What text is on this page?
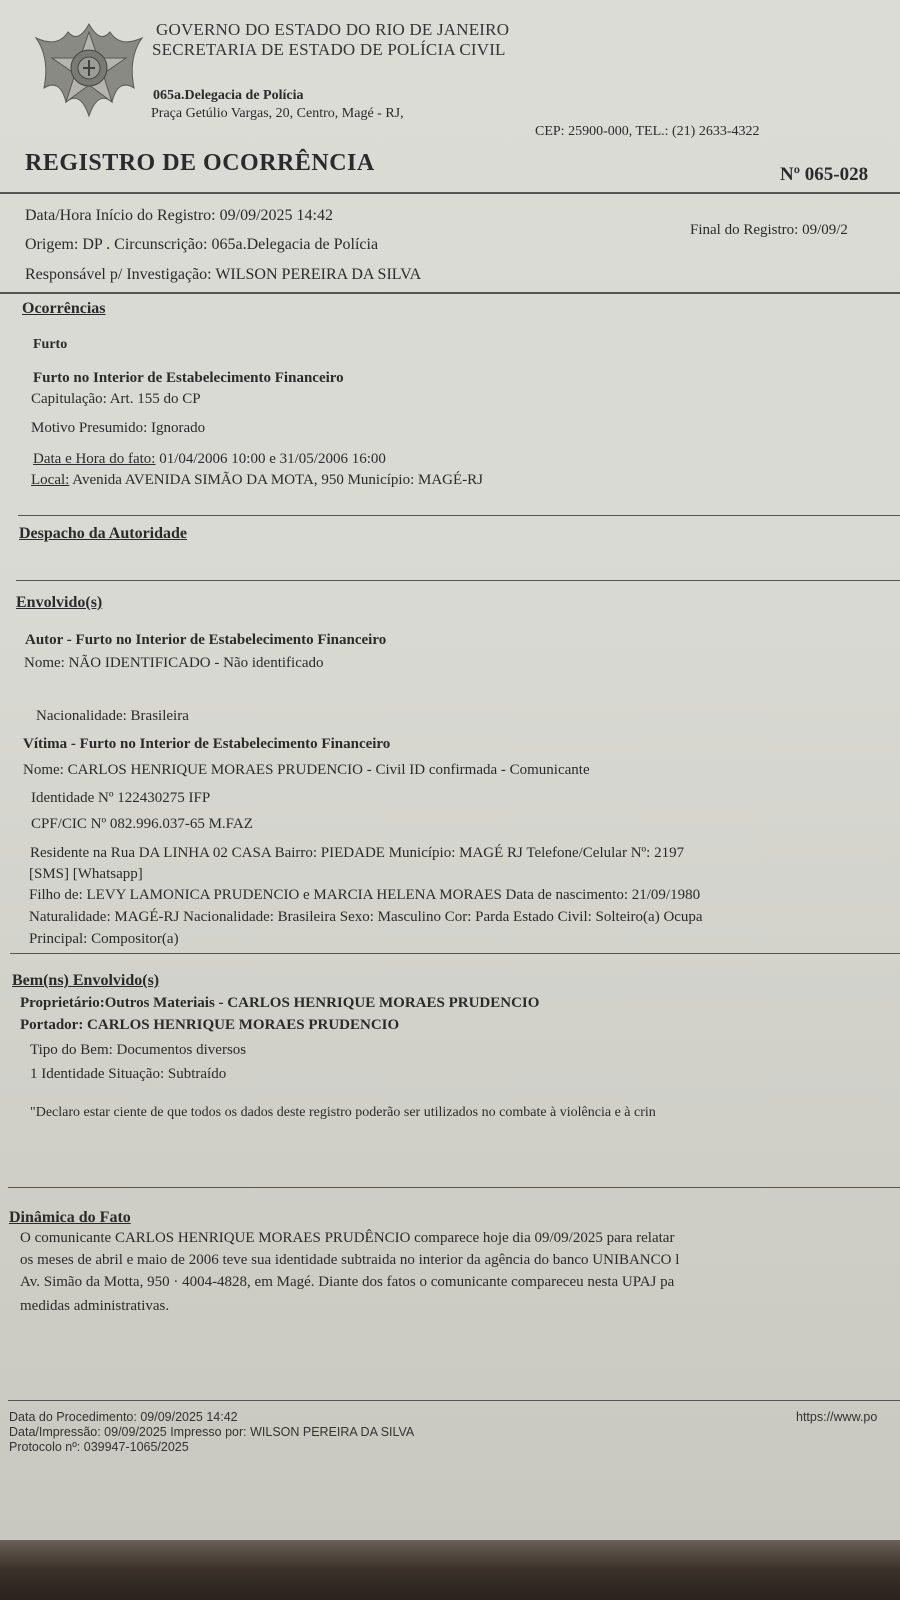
GOVERNO DO ESTADO DO RIO DE JANEIRO
SECRETARIA DE ESTADO DE POLÍCIA CIVIL
065a.Delegacia de Polícia
Praça Getúlio Vargas, 20, Centro, Magé - RJ,
CEP: 25900-000, TEL.: (21) 2633-4322
REGISTRO DE OCORRÊNCIA	Nº 065-028
Data/Hora Início do Registro: 09/09/2025 14:42
Final do Registro: 09/09/2
Origem: DP . Circunscrição: 065a.Delegacia de Polícia
Responsável p/ Investigação: WILSON PEREIRA DA SILVA
Ocorrências
Furto
Furto no Interior de Estabelecimento Financeiro
Capitulação: Art. 155 do CP
Motivo Presumido: Ignorado
Data e Hora do fato: 01/04/2006 10:00 e 31/05/2006 16:00
Local: Avenida AVENIDA SIMÃO DA MOTA, 950 Município: MAGÉ-RJ
Despacho da Autoridade
Envolvido(s)
Autor - Furto no Interior de Estabelecimento Financeiro
Nome: NÃO IDENTIFICADO - Não identificado
Nacionalidade: Brasileira
Vítima - Furto no Interior de Estabelecimento Financeiro
Nome: CARLOS HENRIQUE MORAES PRUDENCIO - Civil ID confirmada - Comunicante
Identidade Nº 122430275 IFP
CPF/CIC Nº 082.996.037-65 M.FAZ
Residente na Rua DA LINHA 02 CASA Bairro: PIEDADE Município: MAGÉ RJ Telefone/Celular Nº: 2197
[SMS] [Whatsapp]
Filho de: LEVY LAMONICA PRUDENCIO e MARCIA HELENA MORAES Data de nascimento: 21/09/1980
Naturalidade: MAGÉ-RJ Nacionalidade: Brasileira Sexo: Masculino Cor: Parda Estado Civil: Solteiro(a) Ocupa
Principal: Compositor(a)
Bem(ns) Envolvido(s)
Proprietário:Outros Materiais - CARLOS HENRIQUE MORAES PRUDENCIO
Portador: CARLOS HENRIQUE MORAES PRUDENCIO
Tipo do Bem: Documentos diversos
1 Identidade Situação: Subtraído
"Declaro estar ciente de que todos os dados deste registro poderão ser utilizados no combate à violência e à crin
Dinâmica do Fato
O comunicante CARLOS HENRIQUE MORAES PRUDÊNCIO comparece hoje dia 09/09/2025 para relatar
os meses de abril e maio de 2006 teve sua identidade subtraida no interior da agência do banco UNIBANCO l
Av. Simão da Motta, 950 · 4004-4828, em Magé. Diante dos fatos o comunicante compareceu nesta UPAJ pa
medidas administrativas.
Data do Procedimento: 09/09/2025 14:42
Data/Impressão: 09/09/2025 Impresso por: WILSON PEREIRA DA SILVA
Protocolo nº: 039947-1065/2025
https://www.po
